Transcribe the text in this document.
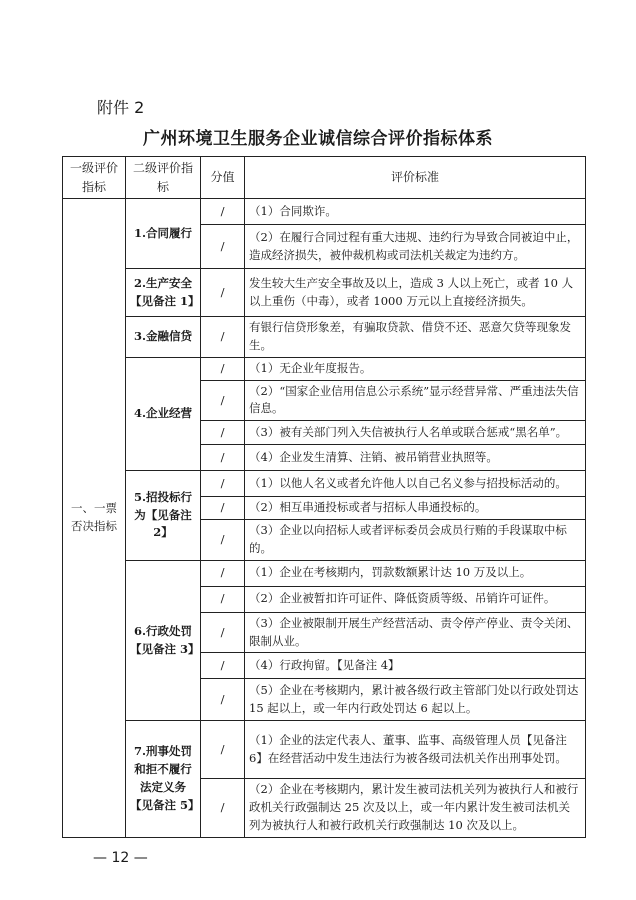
附件 2
广州环境卫生服务企业诚信综合评价指标体系
一级评价指标	二级评价指标	分值	评价标准
一、一票否决指标	1.合同履行	/	（1）合同欺诈。
		/	（2）在履行合同过程有重大违规、违约行为导致合同被迫中止，造成经济损失，被仲裁机构或司法机关裁定为违约方。
	2.生产安全【见备注 1】	/	发生较大生产安全事故及以上，造成 3 人以上死亡，或者 10 人以上重伤（中毒），或者 1000 万元以上直接经济损失。
	3.金融信贷	/	有银行信贷形象差，有骗取贷款、借贷不还、恶意欠贷等现象发生。
	4.企业经营	/	（1）无企业年度报告。
		/	（2）“国家企业信用信息公示系统”显示经营异常、严重违法失信信息。
		/	（3）被有关部门列入失信被执行人名单或联合惩戒“黑名单”。
		/	（4）企业发生清算、注销、被吊销营业执照等。
	5.招投标行为【见备注 2】	/	（1）以他人名义或者允许他人以自己名义参与招投标活动的。
		/	（2）相互串通投标或者与招标人串通投标的。
		/	（3）企业以向招标人或者评标委员会成员行贿的手段谋取中标的。
	6.行政处罚【见备注 3】	/	（1）企业在考核期内，罚款数额累计达 10 万及以上。
		/	（2）企业被暂扣许可证件、降低资质等级、吊销许可证件。
		/	（3）企业被限制开展生产经营活动、责令停产停业、责令关闭、限制从业。
		/	（4）行政拘留。【见备注 4】
		/	（5）企业在考核期内，累计被各级行政主管部门处以行政处罚达 15 起以上，或一年内行政处罚达 6 起以上。
	7.刑事处罚和拒不履行法定义务【见备注 5】	/	（1）企业的法定代表人、董事、监事、高级管理人员【见备注 6】在经营活动中发生违法行为被各级司法机关作出刑事处罚。
		/	（2）企业在考核期内，累计发生被司法机关列为被执行人和被行政机关行政强制达 25 次及以上，或一年内累计发生被司法机关列为被执行人和被行政机关行政强制达 10 次及以上。
— 12 —
